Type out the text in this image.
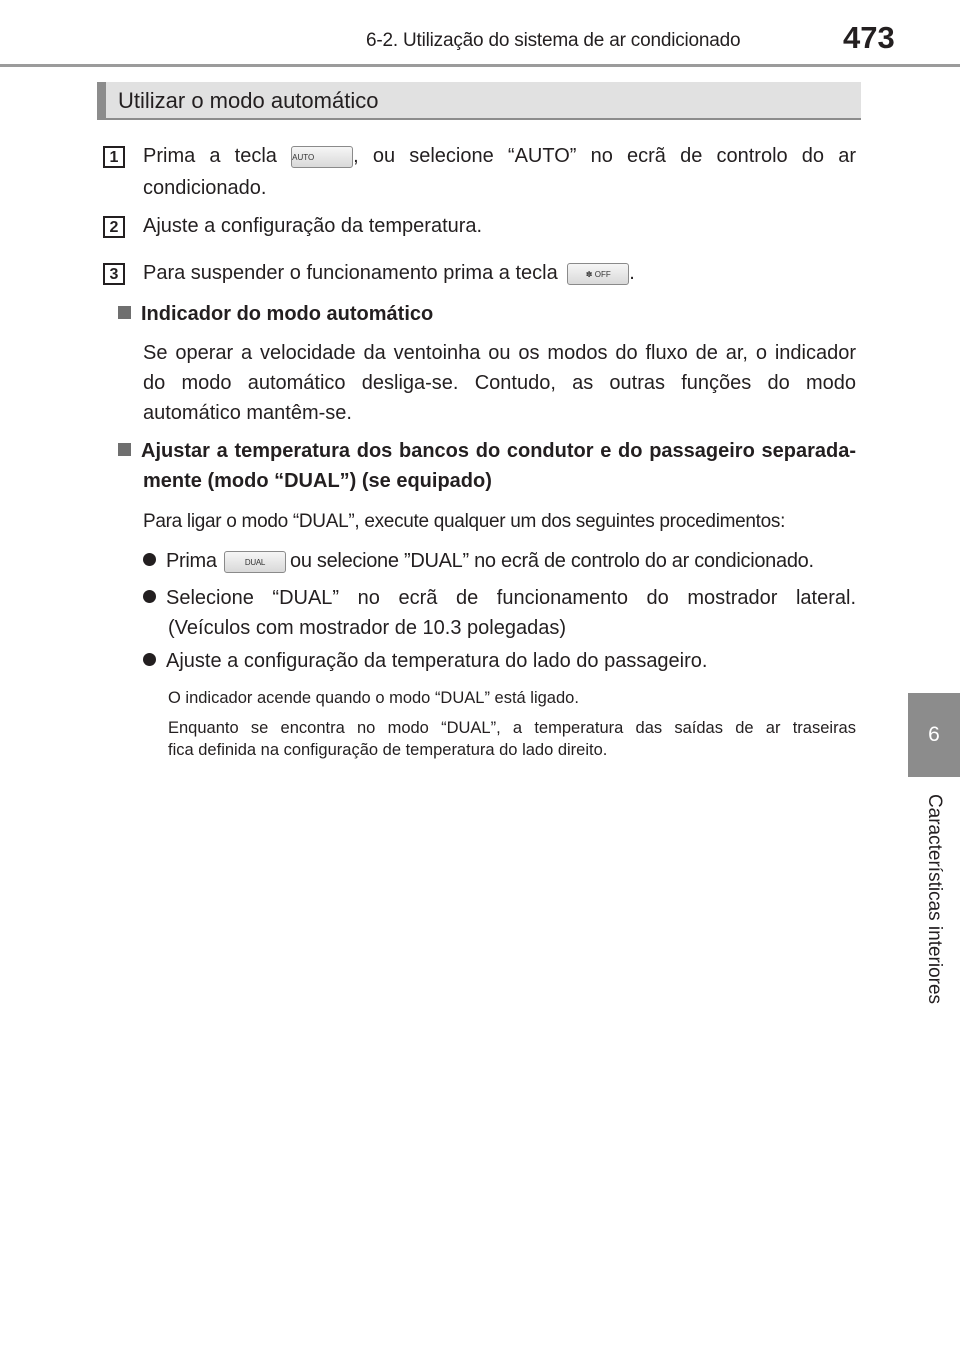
6-2. Utilização do sistema de ar condicionado	473
6
Características interiores
Utilizar o modo automático
1	Prima a tecla AUTO , ou selecione “AUTO” no ecrã de controlo do ar
condicionado.
2	Ajuste a configuração da temperatura.
3	Para suspender o funcionamento prima a tecla	✽ OFF .
Indicador do modo automático
Se operar a velocidade da ventoinha ou os modos do fluxo de ar, o indicador
do modo automático desliga-se. Contudo, as outras funções do modo
automático mantêm-se.
Ajustar a temperatura dos bancos do condutor e do passageiro separada-
mente (modo “DUAL”) (se equipado)
Para ligar o modo “DUAL”, execute qualquer um dos seguintes procedimentos:
Prima	DUAL ou selecione ”DUAL” no ecrã de controlo do ar condicionado.
Selecione “DUAL” no ecrã de funcionamento do mostrador lateral.
(Veículos com mostrador de 10.3 polegadas)
Ajuste a configuração da temperatura do lado do passageiro.
O indicador acende quando o modo “DUAL” está ligado.
Enquanto se encontra no modo “DUAL”, a temperatura das saídas de ar traseiras
fica definida na configuração de temperatura do lado direito.
